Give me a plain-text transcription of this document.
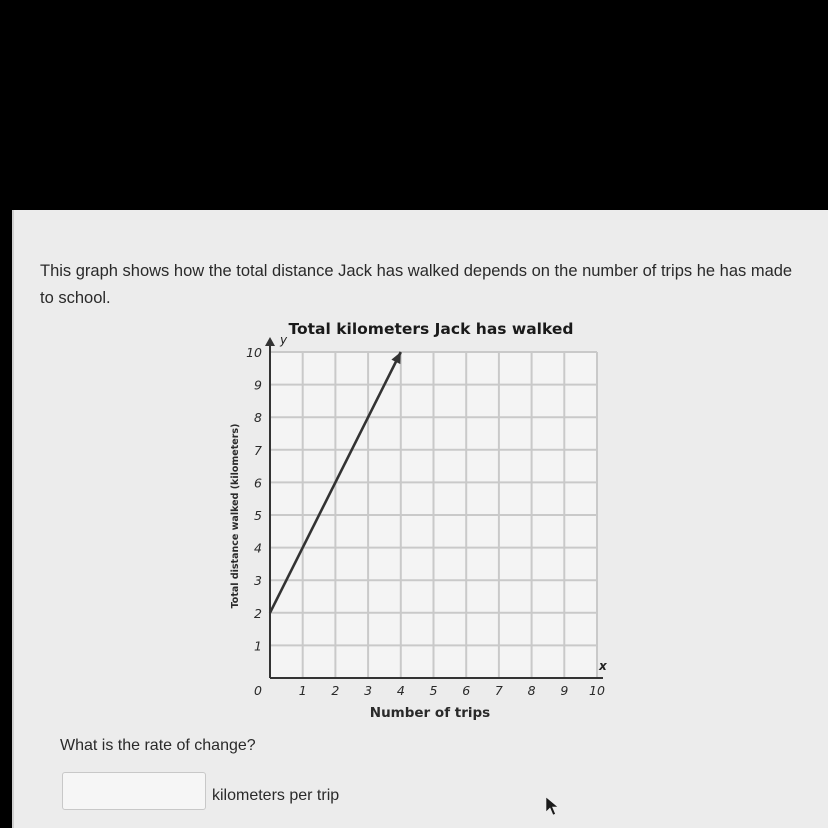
This graph shows how the total distance Jack has walked depends on the number of trips he has made to school.
What is the rate of change?
kilometers per trip
Total kilometers Jack has walked
y
x
0	1 2 3 4 5 6 7 8 9 10
1
2
3
4
5
6
7
8
9
10
Number of trips
Total distance walked (kilometers)
